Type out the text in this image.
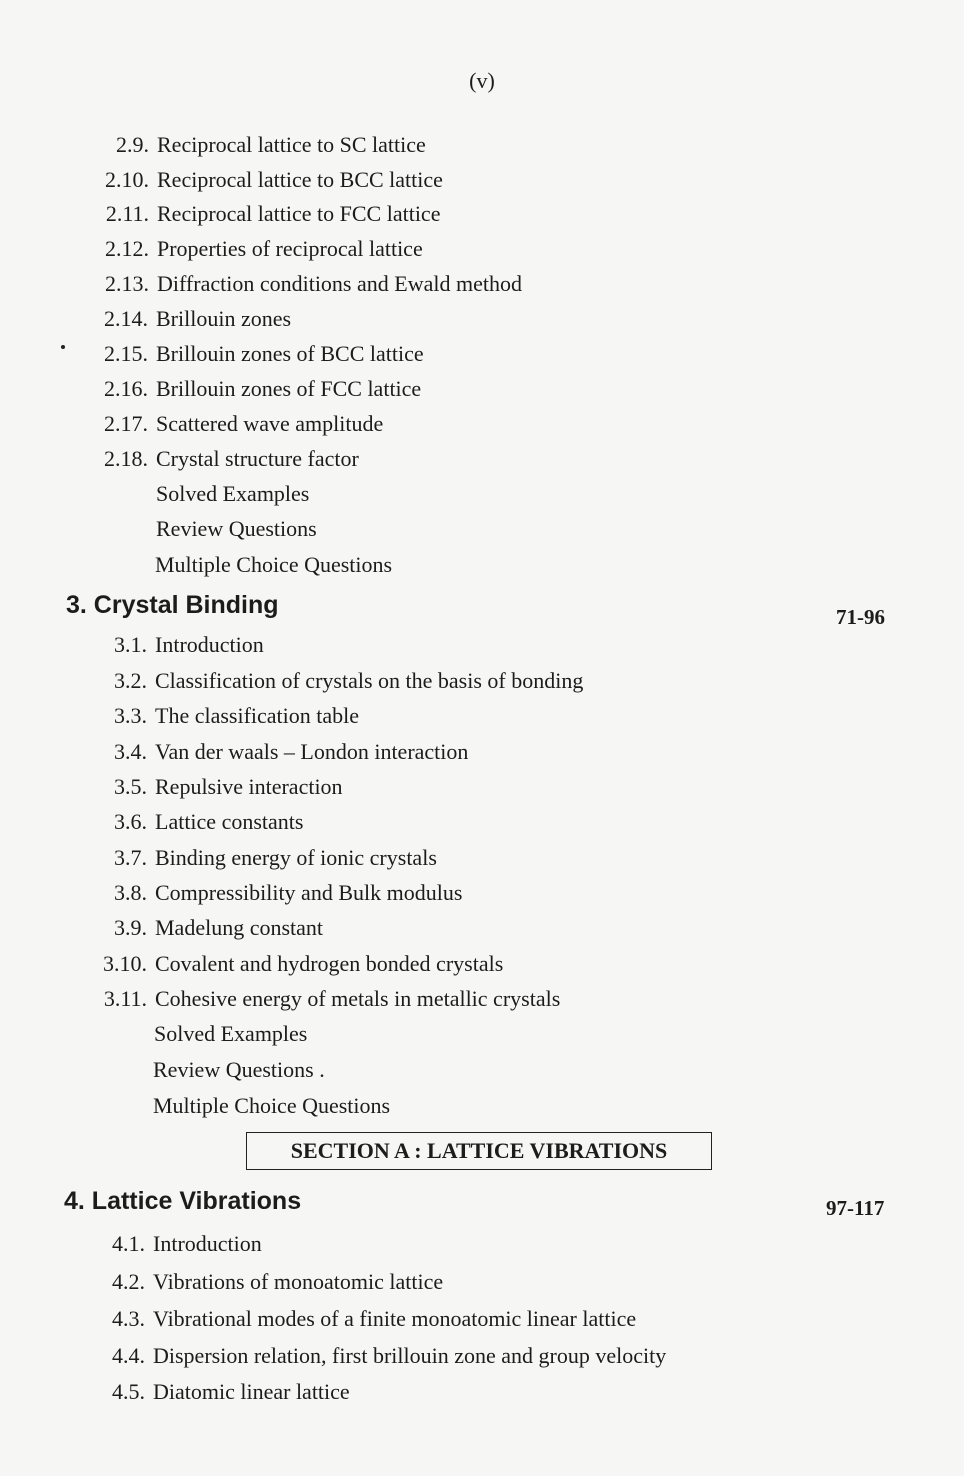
(v)
2.9. Reciprocal lattice to SC lattice
2.10. Reciprocal lattice to BCC lattice
2.11. Reciprocal lattice to FCC lattice
2.12. Properties of reciprocal lattice
2.13. Diffraction conditions and Ewald method
2.14. Brillouin zones
2.15. Brillouin zones of BCC lattice
2.16. Brillouin zones of FCC lattice
2.17. Scattered wave amplitude
2.18. Crystal structure factor
Solved Examples
Review Questions
Multiple Choice Questions
3. Crystal Binding	71-96
3.1. Introduction
3.2. Classification of crystals on the basis of bonding
3.3. The classification table
3.4. Van der waals – London interaction
3.5. Repulsive interaction
3.6. Lattice constants
3.7. Binding energy of ionic crystals
3.8. Compressibility and Bulk modulus
3.9. Madelung constant
3.10. Covalent and hydrogen bonded crystals
3.11. Cohesive energy of metals in metallic crystals
Solved Examples
Review Questions .
Multiple Choice Questions
SECTION A : LATTICE VIBRATIONS
4. Lattice Vibrations	97-117
4.1. Introduction
4.2. Vibrations of monoatomic lattice
4.3. Vibrational modes of a finite monoatomic linear lattice
4.4. Dispersion relation, first brillouin zone and group velocity
4.5. Diatomic linear lattice
